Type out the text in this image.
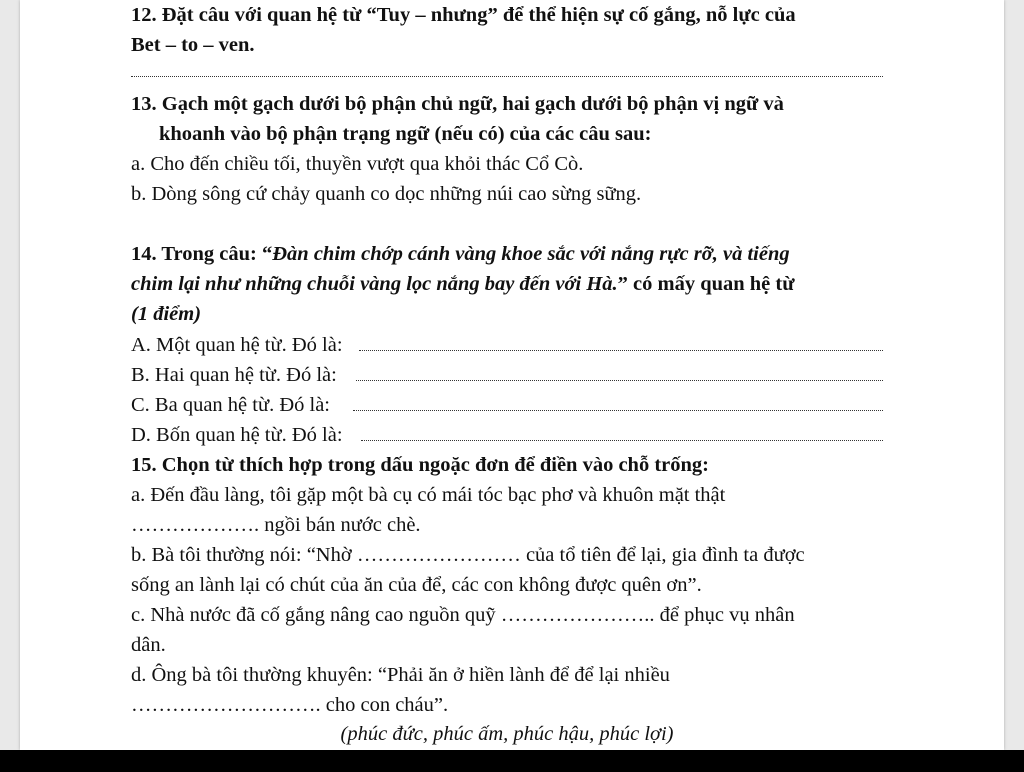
12. Đặt câu với quan hệ từ “Tuy – nhưng” để thể hiện sự cố gắng, nỗ lực của
Bet – to – ven.
13. Gạch một gạch dưới bộ phận chủ ngữ, hai gạch dưới bộ phận vị ngữ và
khoanh vào bộ phận trạng ngữ (nếu có) của các câu sau:
a. Cho đến chiều tối, thuyền vượt qua khỏi thác Cổ Cò.
b. Dòng sông cứ chảy quanh co dọc những núi cao sừng sững.
14. Trong câu: “Đàn chim chớp cánh vàng khoe sắc với nắng rực rỡ, và tiếng
chim lại như những chuỗi vàng lọc nắng bay đến với Hà.” có mấy quan hệ từ
(1 điểm)
A. Một quan hệ từ. Đó là:
B. Hai quan hệ từ. Đó là:
C. Ba quan hệ từ. Đó là:
D. Bốn quan hệ từ. Đó là:
15. Chọn từ thích hợp trong dấu ngoặc đơn để điền vào chỗ trống:
a. Đến đầu làng, tôi gặp một bà cụ có mái tóc bạc phơ và khuôn mặt thật
………………. ngồi bán nước chè.
b. Bà tôi thường nói: “Nhờ …………………… của tổ tiên để lại, gia đình ta được
sống an lành lại có chút của ăn của để, các con không được quên ơn”.
c. Nhà nước đã cố gắng nâng cao nguồn quỹ ………………….. để phục vụ nhân
dân.
d. Ông bà tôi thường khuyên: “Phải ăn ở hiền lành để để lại nhiều
………………………. cho con cháu”.
(phúc đức, phúc ấm, phúc hậu, phúc lợi)
